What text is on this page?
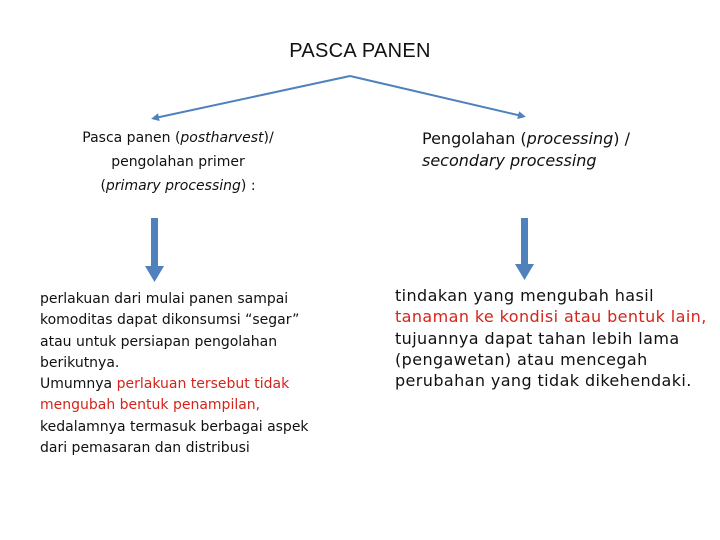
PASCA PANEN
Pasca panen (postharvest)/
pengolahan primer
(primary processing) :
Pengolahan (processing) /
secondary processing
perlakuan dari mulai panen sampai komoditas dapat dikonsumsi “segar” atau untuk persiapan pengolahan berikutnya.
Umumnya perlakuan tersebut tidak mengubah bentuk penampilan, kedalamnya termasuk berbagai aspek dari pemasaran dan distribusi
tindakan yang mengubah hasil tanaman ke kondisi atau bentuk lain, tujuannya dapat tahan lebih lama (pengawetan) atau mencegah perubahan yang tidak dikehendaki.
